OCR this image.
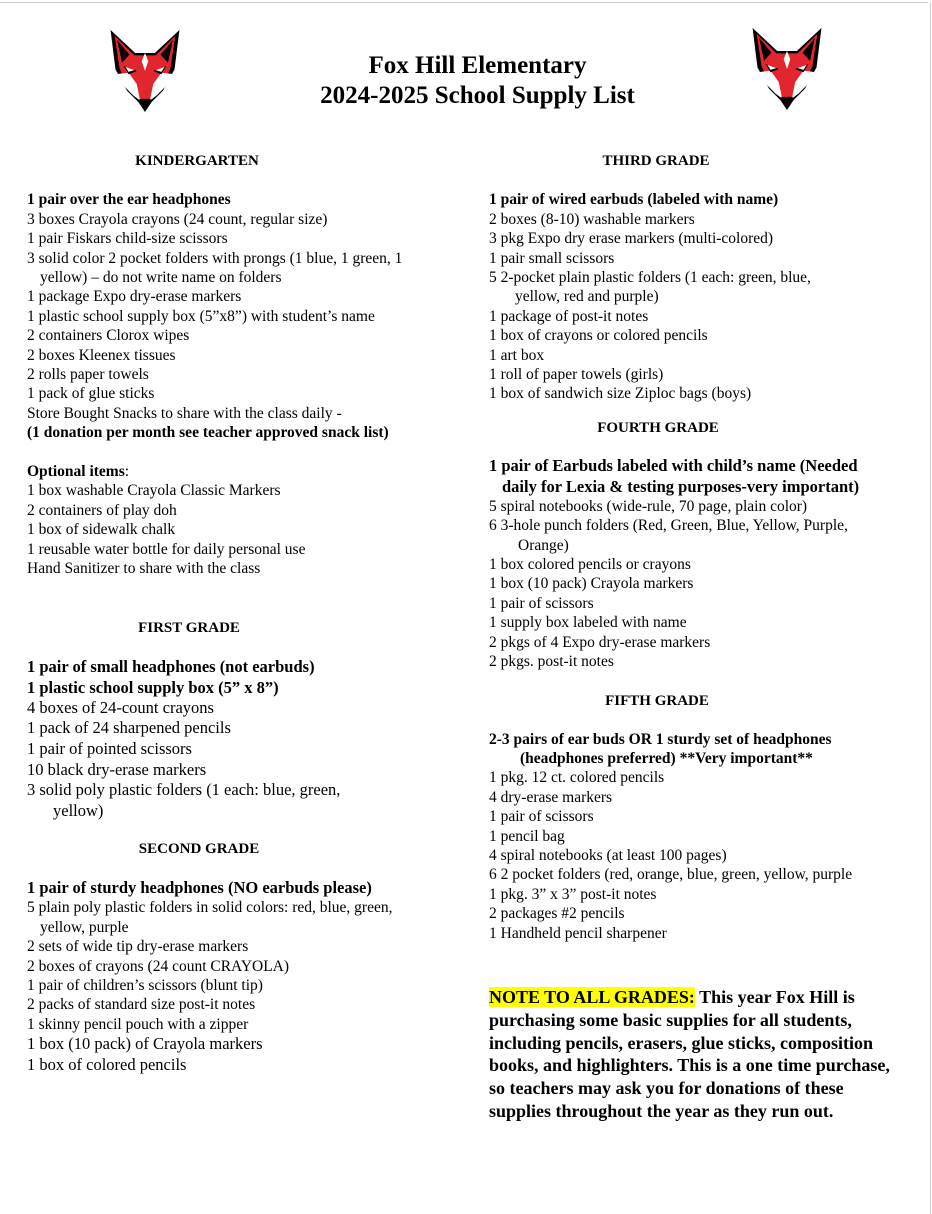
Fox Hill Elementary
2024-2025 School Supply List
KINDERGARTEN
1 pair over the ear headphones
3 boxes Crayola crayons (24 count, regular size)
1 pair Fiskars child-size scissors
3 solid color 2 pocket folders with prongs (1 blue, 1 green, 1
yellow) – do not write name on folders
1 package Expo dry-erase markers
1 plastic school supply box (5”x8”) with student’s name
2 containers Clorox wipes
2 boxes Kleenex tissues
2 rolls paper towels
1 pack of glue sticks
Store Bought Snacks to share with the class daily -
(1 donation per month see teacher approved snack list)
Optional items:
1 box washable Crayola Classic Markers
2 containers of play doh
1 box of sidewalk chalk
1 reusable water bottle for daily personal use
Hand Sanitizer to share with the class
FIRST GRADE
1 pair of small headphones (not earbuds)
1 plastic school supply box (5” x 8”)
4 boxes of 24-count crayons
1 pack of 24 sharpened pencils
1 pair of pointed scissors
10 black dry-erase markers
3 solid poly plastic folders (1 each: blue, green,
yellow)
SECOND GRADE
1 pair of sturdy headphones (NO earbuds please)
5 plain poly plastic folders in solid colors: red, blue, green,
yellow, purple
2 sets of wide tip dry-erase markers
2 boxes of crayons (24 count CRAYOLA)
1 pair of children’s scissors (blunt tip)
2 packs of standard size post-it notes
1 skinny pencil pouch with a zipper
1 box (10 pack) of Crayola markers
1 box of colored pencils
THIRD GRADE
1 pair of wired earbuds (labeled with name)
2 boxes (8-10) washable markers
3 pkg Expo dry erase markers (multi-colored)
1 pair small scissors
5 2-pocket plain plastic folders (1 each: green, blue,
yellow, red and purple)
1 package of post-it notes
1 box of crayons or colored pencils
1 art box
1 roll of paper towels (girls)
1 box of sandwich size Ziploc bags (boys)
FOURTH GRADE
1 pair of Earbuds labeled with child’s name (Needed
daily for Lexia & testing purposes-very important)
5 spiral notebooks (wide-rule, 70 page, plain color)
6 3-hole punch folders (Red, Green, Blue, Yellow, Purple,
Orange)
1 box colored pencils or crayons
1 box (10 pack) Crayola markers
1 pair of scissors
1 supply box labeled with name
2 pkgs of 4 Expo dry-erase markers
2 pkgs. post-it notes
FIFTH GRADE
2-3 pairs of ear buds OR 1 sturdy set of headphones
(headphones preferred) **Very important**
1 pkg. 12 ct. colored pencils
4 dry-erase markers
1 pair of scissors
1 pencil bag
4 spiral notebooks (at least 100 pages)
6 2 pocket folders (red, orange, blue, green, yellow, purple
1 pkg. 3” x 3” post-it notes
2 packages #2 pencils
1 Handheld pencil sharpener
NOTE TO ALL GRADES: This year Fox Hill is purchasing some basic supplies for all students, including pencils, erasers, glue sticks, composition books, and highlighters. This is a one time purchase, so teachers may ask you for donations of these supplies throughout the year as they run out.
